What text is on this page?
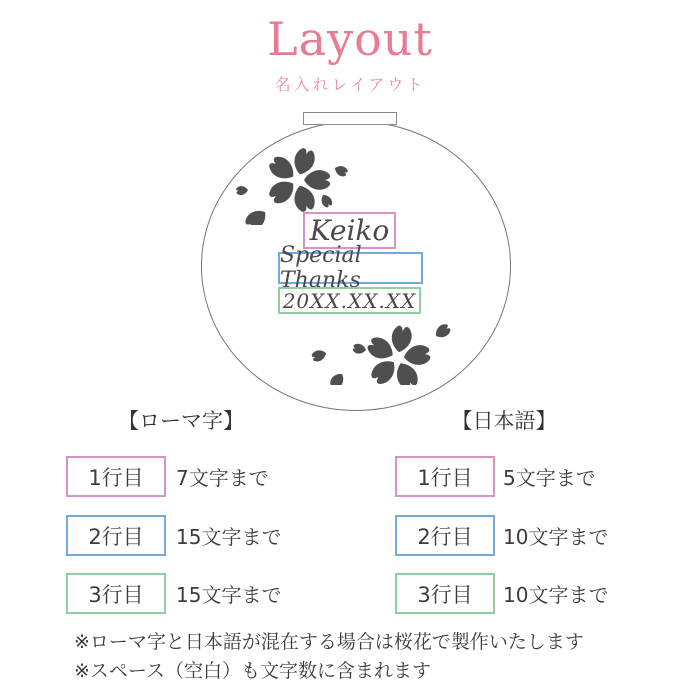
Layout
名入れレイアウト
Keiko
Special Thanks
20XX.XX.XX
【ローマ字】	【日本語】
1行目	7文字まで
2行目	15文字まで
3行目	15文字まで
1行目	5文字まで
2行目	10文字まで
3行目	10文字まで
※ローマ字と日本語が混在する場合は桜花で製作いたします
※スペース（空白）も文字数に含まれます
